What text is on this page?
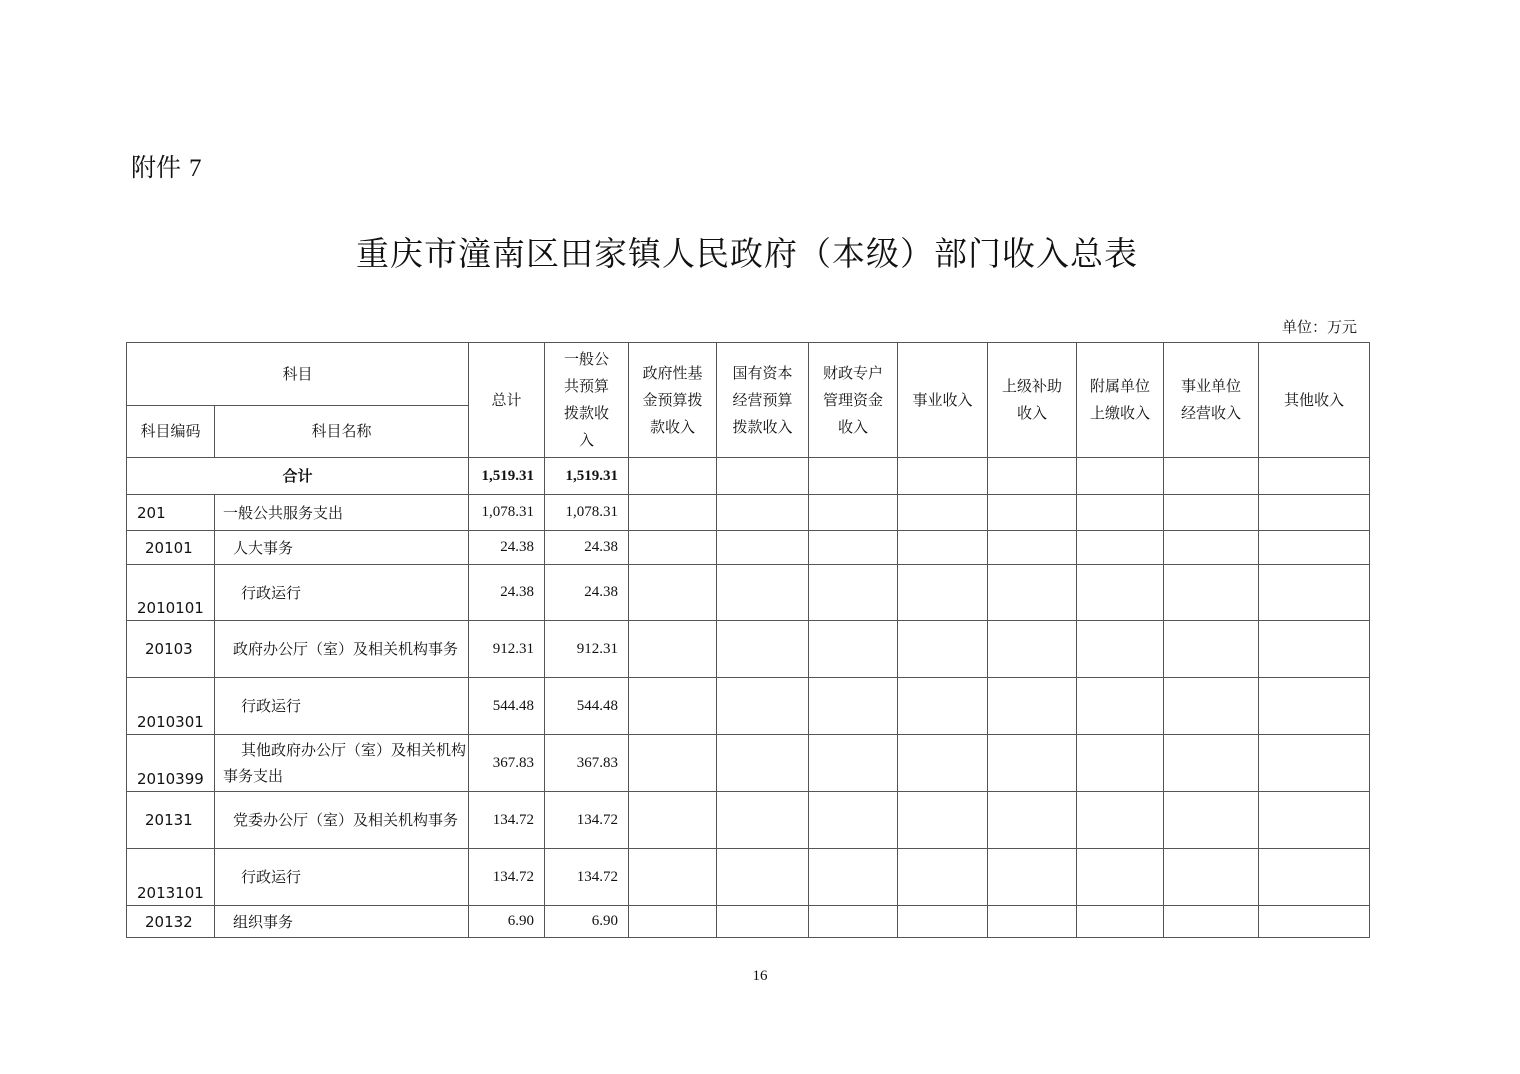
附件 7
重庆市潼南区田家镇人民政府（本级）部门收入总表
单位：万元
科目		总计	一般公共预算拨款收入	政府性基金预算拨款收入	国有资本经营预算拨款收入	财政专户管理资金收入	事业收入	上级补助收入	附属单位上缴收入	事业单位经营收入	其他收入
科目编码	科目名称										
合计		1,519.31	1,519.31								
201	一般公共服务支出	1,078.31	1,078.31								
20101	人大事务	24.38	24.38								
2010101	行政运行	24.38	24.38								
20103	政府办公厅（室）及相关机构事务	912.31	912.31								
2010301	行政运行	544.48	544.48								
2010399	其他政府办公厅（室）及相关机构事务支出	367.83	367.83								
20131	党委办公厅（室）及相关机构事务	134.72	134.72								
2013101	行政运行	134.72	134.72								
20132	组织事务	6.90	6.90								
16
